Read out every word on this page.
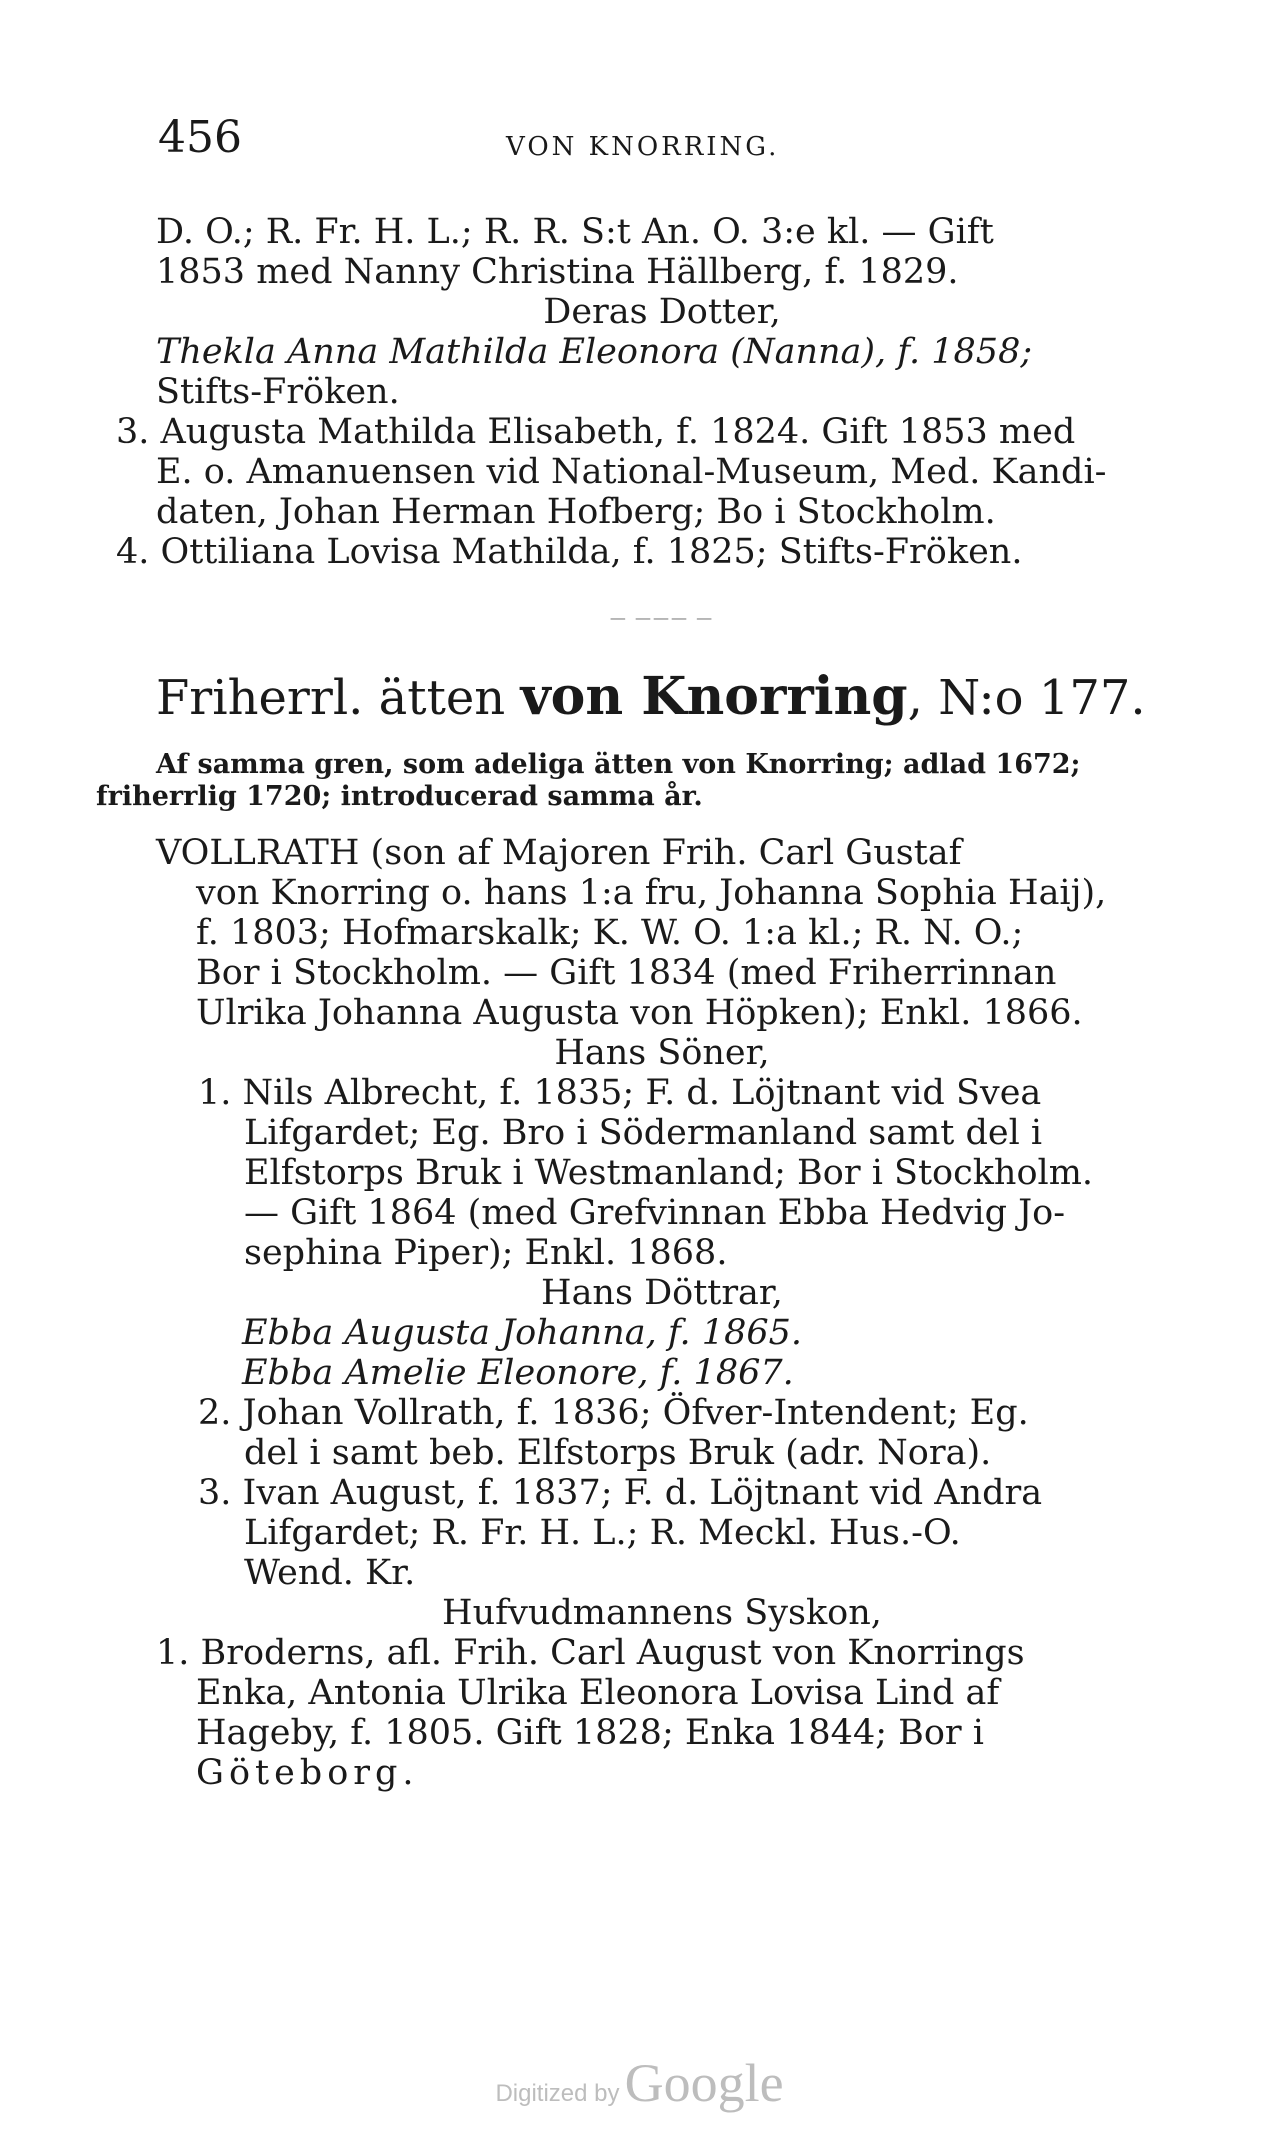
456	VON KNORRING.
D. O.; R. Fr. H. L.; R. R. S:t An. O. 3:e kl. — Gift
1853 med Nanny Christina Hällberg, f. 1829.
Deras Dotter,
Thekla Anna Mathilda Eleonora (Nanna), f. 1858;
Stifts-Fröken.
3. Augusta Mathilda Elisabeth, f. 1824. Gift 1853 med
E. o. Amanuensen vid National-Museum, Med. Kandi-
daten, Johan Herman Hofberg; Bo i Stockholm.
4. Ottiliana Lovisa Mathilda, f. 1825; Stifts-Fröken.
— ——— —
Friherrl. ätten von Knorring, N:o 177.
Af samma gren, som adeliga ätten von Knorring; adlad 1672;
friherrlig 1720; introducerad samma år.
VOLLRATH (son af Majoren Frih. Carl Gustaf
von Knorring o. hans 1:a fru, Johanna Sophia Haij),
f. 1803; Hofmarskalk; K. W. O. 1:a kl.; R. N. O.;
Bor i Stockholm. — Gift 1834 (med Friherrinnan
Ulrika Johanna Augusta von Höpken); Enkl. 1866.
Hans Söner,
1. Nils Albrecht, f. 1835; F. d. Löjtnant vid Svea
Lifgardet; Eg. Bro i Södermanland samt del i
Elfstorps Bruk i Westmanland; Bor i Stockholm.
— Gift 1864 (med Grefvinnan Ebba Hedvig Jo-
sephina Piper); Enkl. 1868.
Hans Döttrar,
Ebba Augusta Johanna, f. 1865.
Ebba Amelie Eleonore, f. 1867.
2. Johan Vollrath, f. 1836; Öfver-Intendent; Eg.
del i samt beb. Elfstorps Bruk (adr. Nora).
3. Ivan August, f. 1837; F. d. Löjtnant vid Andra
Lifgardet; R. Fr. H. L.; R. Meckl. Hus.-O.
Wend. Kr.
Hufvudmannens Syskon,
1. Broderns, afl. Frih. Carl August von Knorrings
Enka, Antonia Ulrika Eleonora Lovisa Lind af
Hageby, f. 1805. Gift 1828; Enka 1844; Bor i
Göteborg.
Digitized by Google
